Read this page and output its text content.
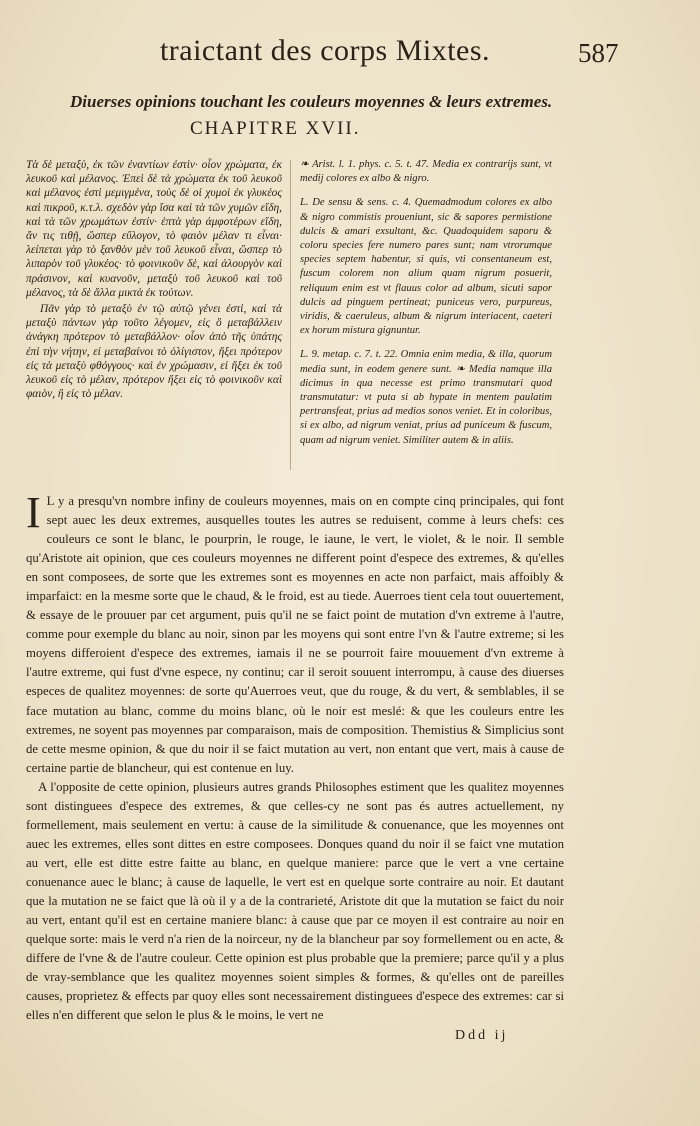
traictant des corps Mixtes.	587
Diuerses opinions touchant les couleurs moyennes & leurs extremes.
CHAPITRE XVII.

Τὰ δὲ μεταξὺ, ἐκ τῶν ἐναντίων ἐστὶν· οἷον χρώματα, ἐκ λευκοῦ καὶ μέλανος. Ἐπεὶ δὲ τὰ χρώματα ἐκ τοῦ λευκοῦ καὶ μέλανος ἐστὶ μεμιγμένα, τοὺς δὲ οἱ χυμοὶ ἐκ γλυκέος καὶ πικροῦ, κ.τ.λ. σχεδὸν γὰρ ἴσα καὶ τὰ τῶν χυμῶν εἴδη, καὶ τὰ τῶν χρωμάτων ἐστίν· ἑπτὰ γὰρ ἀμφοτέρων εἴδη, ἄν τις τιθῇ, ὥσπερ εὔλογον, τὸ φαιὸν μέλαν τι εἶναι· λείπεται γὰρ τὸ ξανθὸν μὲν τοῦ λευκοῦ εἶναι, ὥσπερ τὸ λιπαρὸν τοῦ γλυκέος· τὸ φοινικοῦν δὲ, καὶ ἁλουργὸν καὶ πράσινον, καὶ κυανοῦν, μεταξὺ τοῦ λευκοῦ καὶ τοῦ μέλανος, τὰ δὲ ἄλλα μικτὰ ἐκ τούτων.

Πᾶν γὰρ τὸ μεταξὺ ἐν τῷ αὐτῷ γένει ἐστὶ, καὶ τὰ μεταξὺ πάντων γὰρ τοῦτο λέγομεν, εἰς ὃ μεταβάλλειν ἀνάγκη πρότερον τὸ μεταβάλλον· οἷον ἀπὸ τῆς ὑπάτης ἐπὶ τὴν νήτην, εἰ μεταβαίνοι τὸ ὀλίγιστον, ἥξει πρότερον εἰς τὰ μεταξὺ φθόγγους· καὶ ἐν χρώμασιν, εἰ ἥξει ἐκ τοῦ λευκοῦ εἰς τὸ μέλαν, πρότερον ἥξει εἰς τὸ φοινικοῦν καὶ φαιὸν, ἢ εἰς τὸ μέλαν.

❧ Arist. l. 1. phys. c. 5. t. 47. Media ex contrarijs sunt, vt medij colores ex albo & nigro.

L. De sensu & sens. c. 4. Quemadmodum colores ex albo & nigro commistis proueniunt, sic & sapores permistione dulcis & amari exsultant, &c. Quadoquidem saporu & coloru species fere numero pares sunt; nam vtrorumque species septem habentur, si quis, vti consentaneum est, fuscum colorem non alium quam nigrum posuerit, reliquum enim est vt flauus color ad album, sicuti sapor dulcis ad pinguem pertineat; puniceus vero, purpureus, viridis, & caeruleus, album & nigrum interiacent, caeteri ex horum mistura gignuntur.

L. 9. metap. c. 7. t. 22. Omnia enim media, & illa, quorum media sunt, in eodem genere sunt. ❧ Media namque illa dicimus in qua necesse est primo transmutari quod transmutatur: vt puta si ab hypate in mentem paulatim pertransfeat, prius ad medios sonos veniet. Et in coloribus, si ex albo, ad nigrum veniat, prius ad puniceum & fuscum, quam ad nigrum veniet. Similiter autem & in aliis.

I L y a presqu'vn nombre infiny de couleurs moyennes, mais on en compte cinq principales, qui font sept auec les deux extremes, ausquelles toutes les autres se reduisent, comme à leurs chefs: ces couleurs ce sont le blanc, le pourprin, le rouge, le iaune, le vert, le violet, & le noir. Il semble qu'Aristote ait opinion, que ces couleurs moyennes ne different point d'espece des extremes, & qu'elles en sont composees, de sorte que les extremes sont es moyennes en acte non parfaict, mais affoibly & imparfaict: en la mesme sorte que le chaud, & le froid, est au tiede. Auerroes tient cela tout ouuertement, & essaye de le prouuer par cet argument, puis qu'il ne se faict point de mutation d'vn extreme à l'autre, comme pour exemple du blanc au noir, sinon par les moyens qui sont entre l'vn & l'autre extreme; si les moyens differoient d'espece des extremes, iamais il ne se pourroit faire mouuement d'vn extreme à l'autre extreme, qui fust d'vne espece, ny continu; car il seroit souuent interrompu, à cause des diuerses especes de qualitez moyennes: de sorte qu'Auerroes veut, que du rouge, & du vert, & semblables, il se face mutation au blanc, comme du moins blanc, où le noir est meslé: & que les couleurs entre les extremes, ne soyent pas moyennes par comparaison, mais de composition. Themistius & Simplicius sont de cette mesme opinion, & que du noir il se faict mutation au vert, non entant que vert, mais à cause de certaine partie de blancheur, qui est contenue en luy.

A l'opposite de cette opinion, plusieurs autres grands Philosophes estiment que les qualitez moyennes sont distinguees d'espece des extremes, & que celles-cy ne sont pas és autres actuellement, ny formellement, mais seulement en vertu: à cause de la similitude & conuenance, que les moyennes ont auec les extremes, elles sont dittes en estre composees. Donques quand du noir il se faict vne mutation au vert, elle est ditte estre faitte au blanc, en quelque maniere: parce que le vert a vne certaine conuenance auec le blanc; à cause de laquelle, le vert est en quelque sorte contraire au noir. Et dautant que la mutation ne se faict que là où il y a de la contrarieté, Aristote dit que la mutation se faict du noir au vert, entant qu'il est en certaine maniere blanc: à cause que par ce moyen il est contraire au noir en quelque sorte: mais le verd n'a rien de la noirceur, ny de la blancheur par soy formellement ou en acte, & differe de l'vne & de l'autre couleur. Cette opinion est plus probable que la premiere; parce qu'il y a plus de vray-semblance que les qualitez moyennes soient simples & formes, & qu'elles ont de pareilles causes, proprietez & effects par quoy elles sont necessairement distinguees d'espece des extremes: car si elles n'en different que selon le plus & le moins, le vert ne

Ddd ij
